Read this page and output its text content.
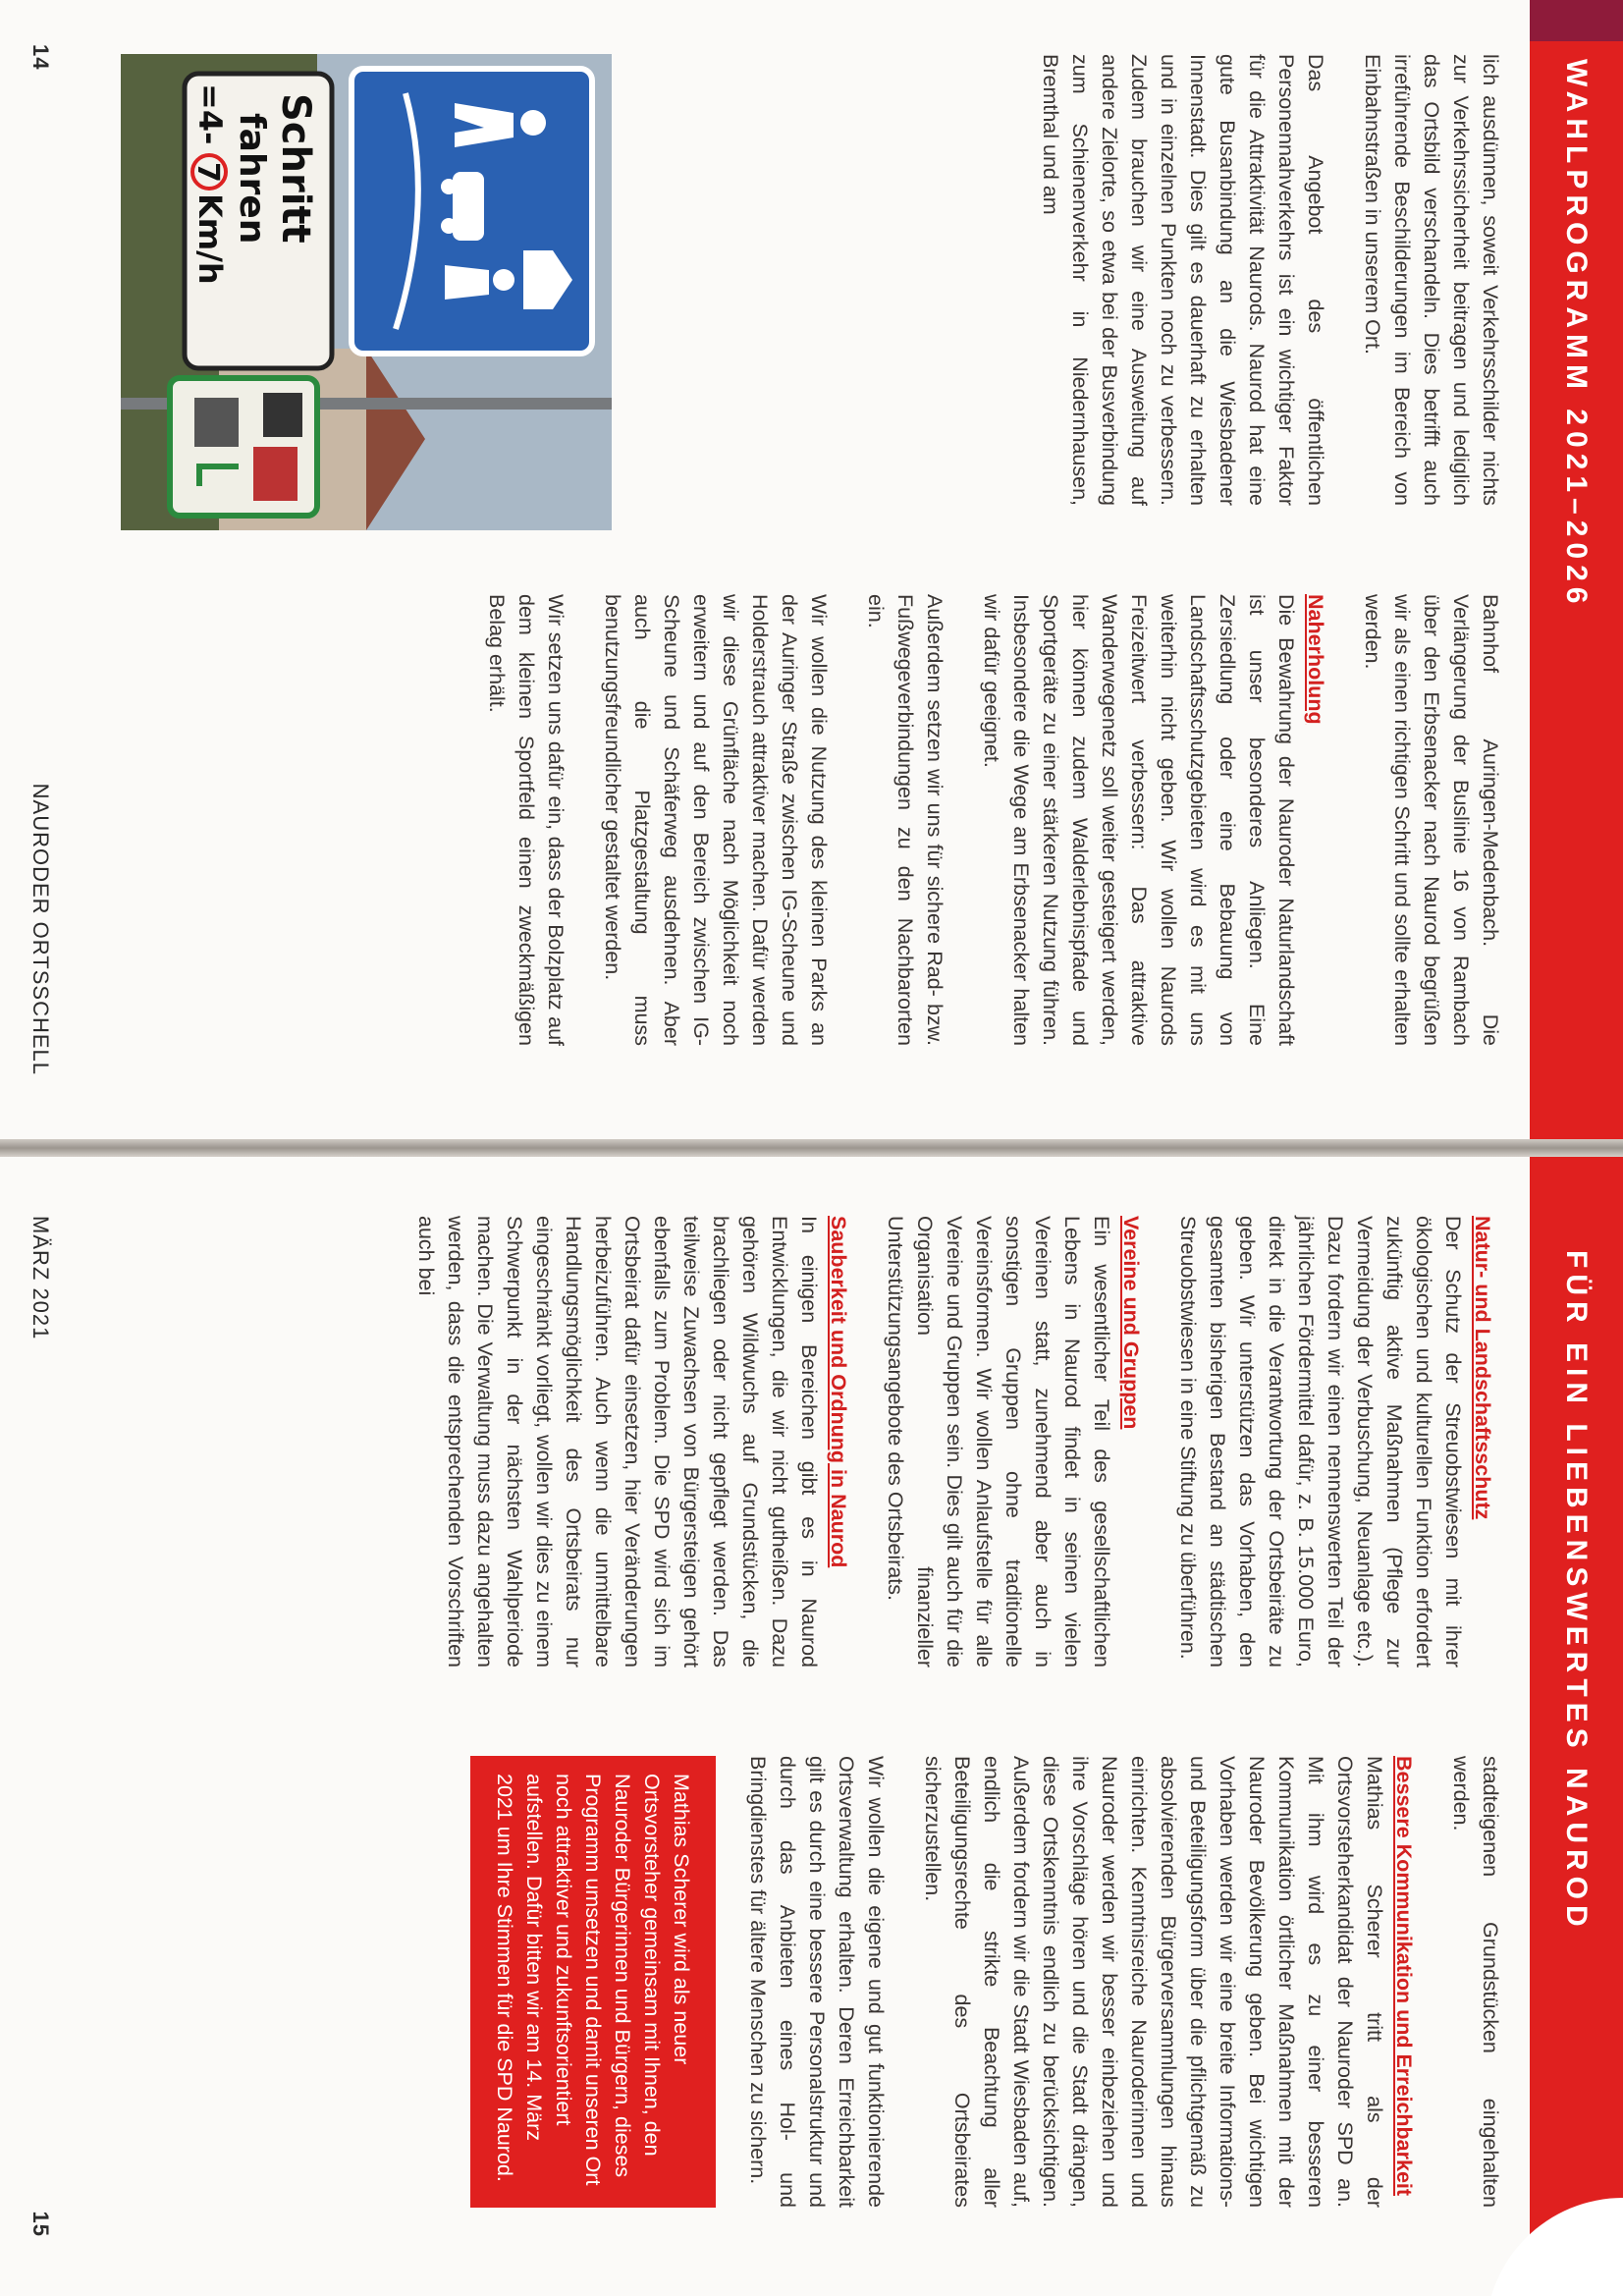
WAHLPROGRAMM 2021–2026

lich ausdünnen, soweit Verkehrsschilder nichts zur Verkehrssicherheit beitragen und lediglich das Ortsbild verschandeln. Dies betrifft auch irreführende Beschilderungen im Bereich von Einbahnstraßen in unserem Ort.

Das Angebot des öffentlichen Personennahverkehrs ist ein wichtiger Faktor für die Attraktivität Naurods. Naurod hat eine gute Busanbindung an die Wiesbadener Innenstadt. Dies gilt es dauerhaft zu erhalten und in einzelnen Punkten noch zu verbessern. Zudem brauchen wir eine Ausweitung auf andere Zielorte, so etwa bei der Busverbindung zum Schienenverkehr in Niedernhausen, Bremthal und am

Schritt
fahren
=4-
7
Km/h

Bahnhof Auringen-Medenbach. Die Verlängerung der Buslinie 16 von Rambach über den Erbsenacker nach Naurod begrüßen wir als einen richtigen Schritt und sollte erhalten werden.

Naherholung

Die Bewahrung der Nauroder Naturlandschaft ist unser besonderes Anliegen. Eine Zersiedlung oder eine Bebauung von Landschaftsschutzgebieten wird es mit uns weiterhin nicht geben. Wir wollen Naurods Freizeitwert verbessern: Das attraktive Wanderwegenetz soll weiter gesteigert werden, hier können zudem Walderlebnispfade und Sportgeräte zu einer stärkeren Nutzung führen. Insbesondere die Wege am Erbsenacker halten wir dafür geeignet.

Außerdem setzen wir uns für sichere Rad- bzw. Fußwegeverbindungen zu den Nachbarorten ein.

Wir wollen die Nutzung des kleinen Parks an der Auringer Straße zwischen IG-Scheune und Holderstrauch attraktiver machen. Dafür werden wir diese Grünfläche nach Möglichkeit noch erweitern und auf den Bereich zwischen IG-Scheune und Schäferweg ausdehnen. Aber auch die Platzgestaltung muss benutzungsfreundlicher gestaltet werden.

Wir setzen uns dafür ein, dass der Bolzplatz auf dem kleinen Sportfeld einen zweckmäßigen Belag erhält.

14
NAURODER ORTSSCHELL
FÜR EIN LIEBENSWERTES NAUROD
Natur- und Landschaftsschutz

Der Schutz der Streuobstwiesen mit ihrer ökologischen und kulturellen Funktion erfordert zukünftig aktive Maßnahmen (Pflege zur Vermeidung der Verbuschung, Neuanlage etc.). Dazu fordern wir einen nennenswerten Teil der jährlichen Fördermittel dafür, z. B. 15.000 Euro, direkt in die Verantwortung der Ortsbeiräte zu geben. Wir unterstützen das Vorhaben, den gesamten bisherigen Bestand an städtischen Streuobstwiesen in eine Stiftung zu überführen.

Vereine und Gruppen

Ein wesentlicher Teil des gesellschaftlichen Lebens in Naurod findet in seinen vielen Vereinen statt, zunehmend aber auch in sonstigen Gruppen ohne traditionelle Vereinsformen. Wir wollen Anlaufstelle für alle Vereine und Gruppen sein. Dies gilt auch für die Organisation finanzieller Unterstützungsangebote des Ortsbeirats.

Sauberkeit und Ordnung in Naurod

In einigen Bereichen gibt es in Naurod Entwicklungen, die wir nicht gutheißen. Dazu gehören Wildwuchs auf Grundstücken, die brachliegen oder nicht gepflegt werden. Das teilweise Zuwachsen von Bürgersteigen gehört ebenfalls zum Problem. Die SPD wird sich im Ortsbeirat dafür einsetzen, hier Veränderungen herbeizuführen. Auch wenn die unmittelbare Handlungsmöglichkeit des Ortsbeirats nur eingeschränkt vorliegt, wollen wir dies zu einem Schwerpunkt in der nächsten Wahlperiode machen. Die Verwaltung muss dazu angehalten werden, dass die entsprechenden Vorschriften auch bei

stadteigenen Grundstücken eingehalten werden.

Bessere Kommunikation und Erreichbarkeit

Mathias Scherer tritt als der Ortsvorsteherkandidat der Nauroder SPD an. Mit ihm wird es zu einer besseren Kommunikation örtlicher Maßnahmen mit der Nauroder Bevölkerung geben. Bei wichtigen Vorhaben werden wir eine breite Informations- und Beteiligungsform über die pflichtgemäß zu absolvierenden Bürgerversammlungen hinaus einrichten. Kenntnisreiche Nauroderinnen und Nauroder werden wir besser einbeziehen und ihre Vorschläge hören und die Stadt drängen, diese Ortskenntnis endlich zu berücksichtigen. Außerdem fordern wir die Stadt Wiesbaden auf, endlich die strikte Beachtung aller Beteiligungsrechte des Ortsbeirates sicherzustellen.

Wir wollen die eigene und gut funktionierende Ortsverwaltung erhalten. Deren Erreichbarkeit gilt es durch eine bessere Personalstruktur und durch das Anbieten eines Hol- und Bringdienstes für ältere Menschen zu sichern.

Mathias Scherer wird als neuer Ortsvorsteher gemeinsam mit Ihnen, den Nauroder Bürgerinnen und Bürgern, dieses Programm umsetzen und damit unseren Ort noch attraktiver und zukunftsorientiert aufstellen. Dafür bitten wir am 14. März 2021 um Ihre Stimmen für die SPD Naurod.
MÄRZ 2021
15
